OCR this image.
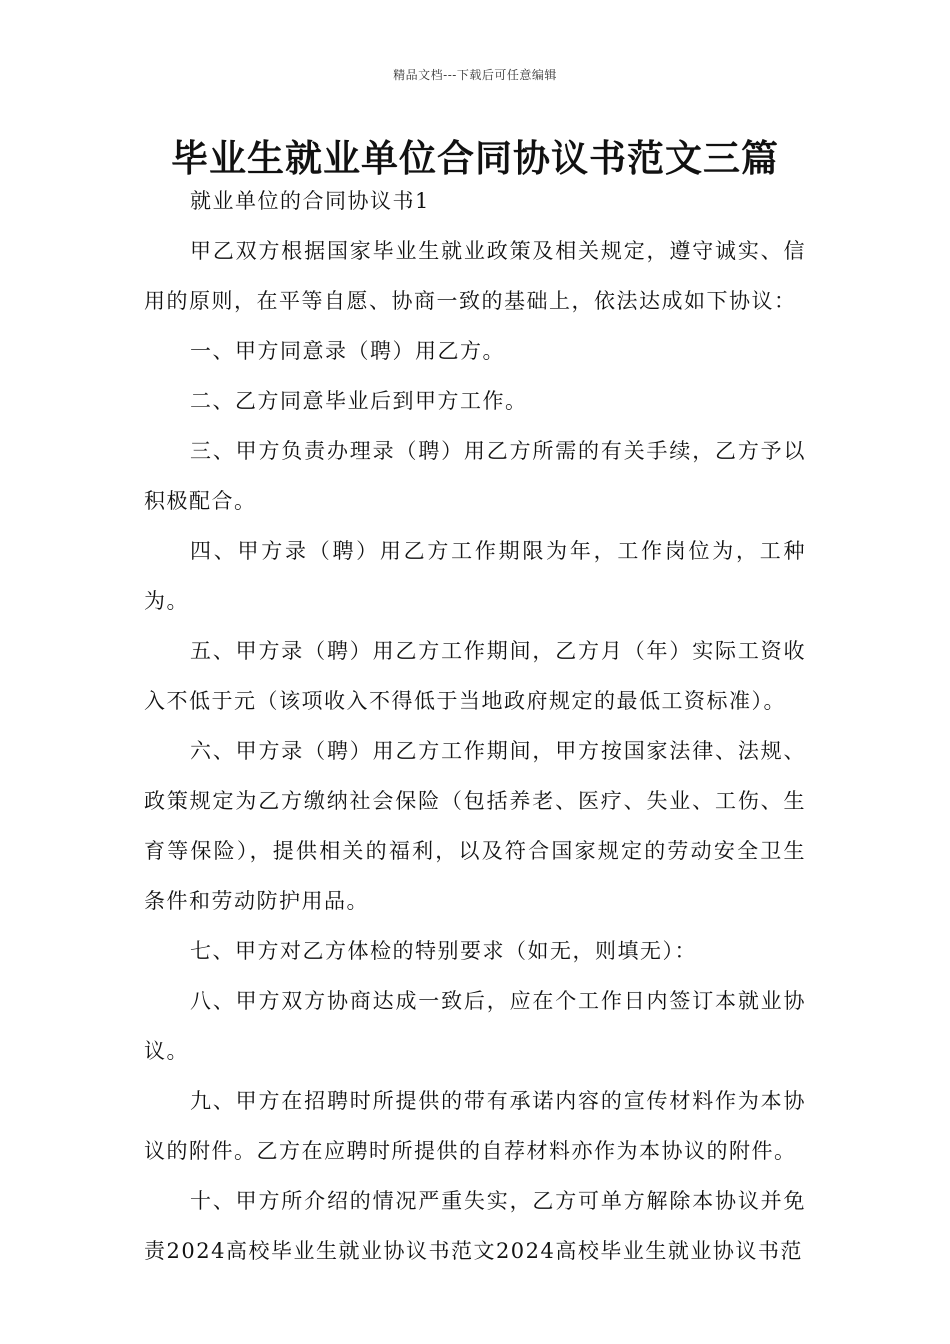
精品文档---下载后可任意编辑
毕业生就业单位合同协议书范文三篇

就业单位的合同协议书1

甲乙双方根据国家毕业生就业政策及相关规定，遵守诚实、信用的原则，在平等自愿、协商一致的基础上，依法达成如下协议：

一、甲方同意录（聘）用乙方。

二、乙方同意毕业后到甲方工作。

三、甲方负责办理录（聘）用乙方所需的有关手续，乙方予以积极配合。

四、甲方录（聘）用乙方工作期限为年，工作岗位为，工种为。

五、甲方录（聘）用乙方工作期间，乙方月（年）实际工资收入不低于元（该项收入不得低于当地政府规定的最低工资标准）。

六、甲方录（聘）用乙方工作期间，甲方按国家法律、法规、政策规定为乙方缴纳社会保险（包括养老、医疗、失业、工伤、生育等保险），提供相关的福利，以及符合国家规定的劳动安全卫生条件和劳动防护用品。

七、甲方对乙方体检的特别要求（如无，则填无）：

八、甲方双方协商达成一致后，应在个工作日内签订本就业协议。

九、甲方在招聘时所提供的带有承诺内容的宣传材料作为本协议的附件。乙方在应聘时所提供的自荐材料亦作为本协议的附件。

十、甲方所介绍的情况严重失实，乙方可单方解除本协议并免责2024高校毕业生就业协议书范文2024高校毕业生就业协议书范
